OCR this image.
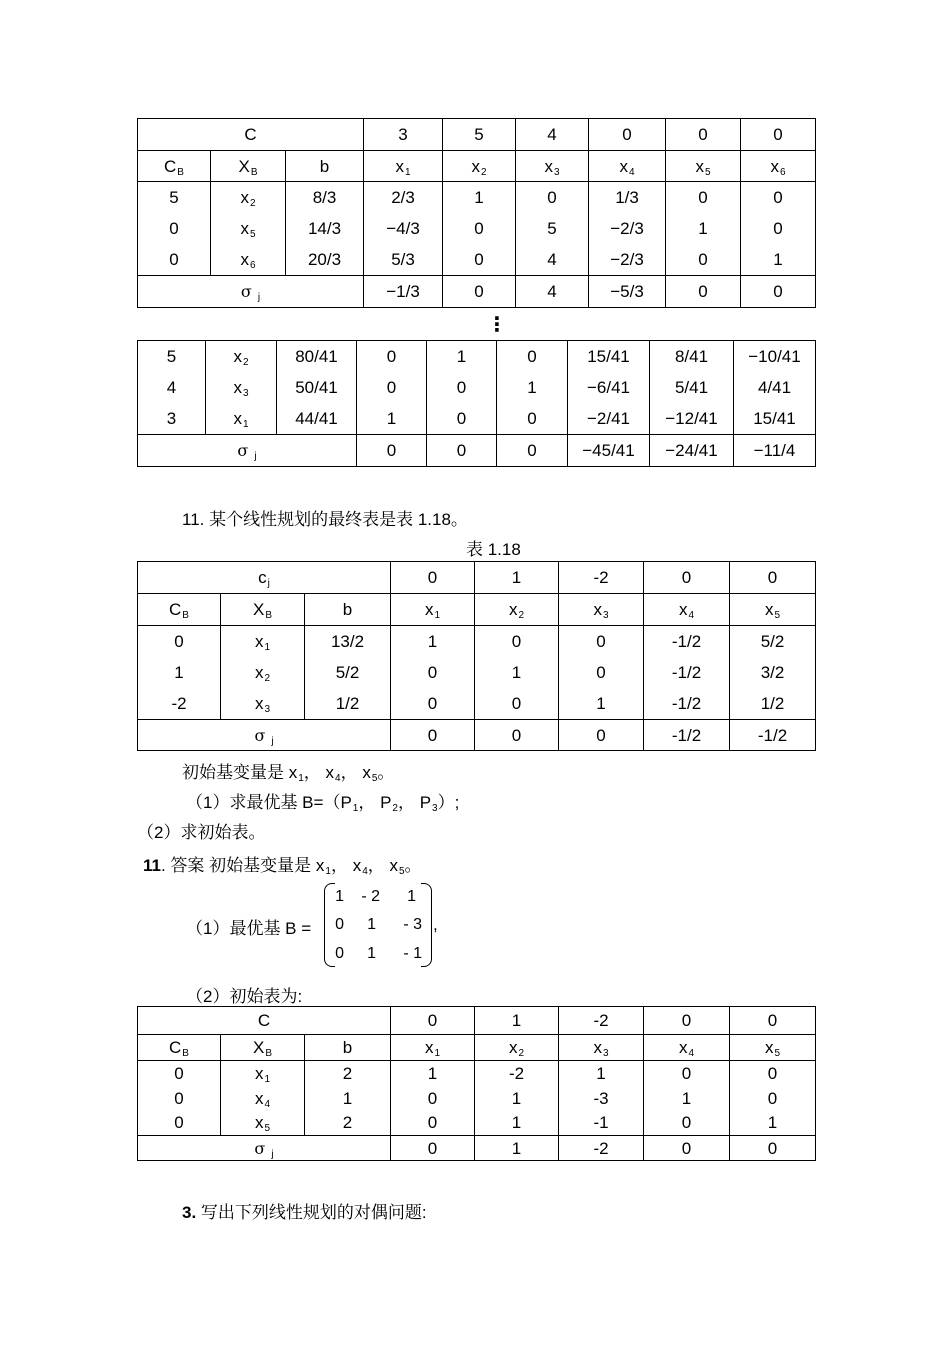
C			3	5	4	0	0	0
CB	XB	b	x1	x2	x3	x4	x5	x6
5	x2	8/3	2/3	1	0	1/3	0	0
0	x5	14/3	−4/3	0	5	−2/3	1	0
0	x6	20/3	5/3	0	4	−2/3	0	1
σ j			−1/3	0	4	−5/3	0	0
⋮
5	x2	80/41	0	1	0	15/41	8/41	−10/41
4	x3	50/41	0	0	1	−6/41	5/41	4/41
3	x1	44/41	1	0	0	−2/41	−12/41	15/41
σ j			0	0	0	−45/41	−24/41	−11/4
11. 某个线性规划的最终表是表 1.18。
表 1.18
cj			0	1	-2	0	0
CB	XB	b	x1	x2	x3	x4	x5
0	x1	13/2	1	0	0	-1/2	5/2
1	x2	5/2	0	1	0	-1/2	3/2
-2	x3	1/2	0	0	1	-1/2	1/2
σ j			0	0	0	-1/2	-1/2
初始基变量是 x1， x4， x5。
（1）求最优基 B=（P1， P2， P3）;
（2）求初始表。
11. 答案 初始基变量是 x1， x4， x5。
（1）最优基 B =
1	- 2	1
0	1	- 3
0	1	- 1
,
（2）初始表为:
C			0	1	-2	0	0
CB	XB	b	x1	x2	x3	x4	x5
0	x1	2	1	-2	1	0	0
0	x4	1	0	1	-3	1	0
0	x5	2	0	1	-1	0	1
σ j			0	1	-2	0	0
3. 写出下列线性规划的对偶问题:
